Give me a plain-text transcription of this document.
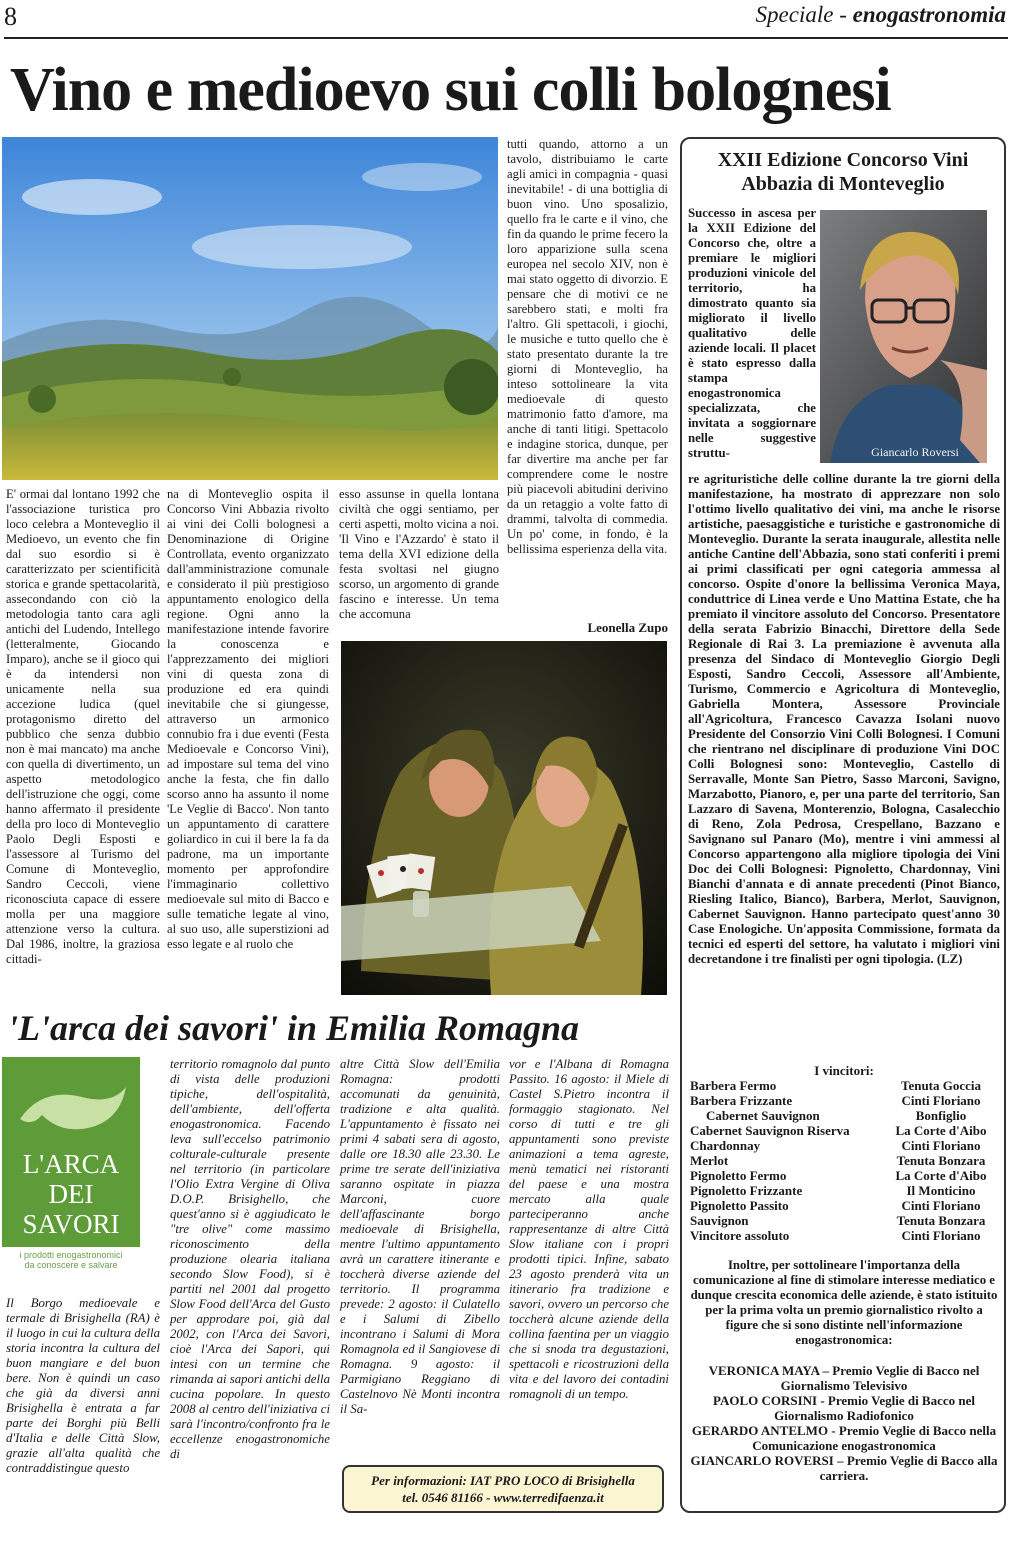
8	Speciale - enogastronomia
Vino e medioevo sui colli bolognesi

tutti quando, attorno a un tavolo, distribuiamo le carte agli amici in compagnia - quasi inevitabile! - di una bottiglia di buon vino. Uno sposalizio, quello fra le carte e il vino, che fin da quando le prime fecero la loro apparizione sulla scena europea nel secolo XIV, non è mai stato oggetto di divorzio. E pensare che di motivi ce ne sarebbero stati, e molti fra l'altro. Gli spettacoli, i giochi, le musiche e tutto quello che è stato presentato durante la tre giorni di Monteveglio, ha inteso sottolineare la vita medioevale di questo matrimonio fatto d'amore, ma anche di tanti litigi. Spettacolo e indagine storica, dunque, per far divertire ma anche per far comprendere come le nostre più piacevoli abitudini derivino da un retaggio a volte fatto di drammi, talvolta di commedia. Un po' come, in fondo, è la bellissima esperienza della vita.

E' ormai dal lontano 1992 che l'associazione turistica pro loco celebra a Monteveglio il Medioevo, un evento che fin dal suo esordio si è caratterizzato per scientificità storica e grande spettacolarità, assecondando con ciò la metodologia tanto cara agli antichi del Ludendo, Intellego (letteralmente, Giocando Imparo), anche se il gioco qui è da intendersi non unicamente nella sua accezione ludica (quel protagonismo diretto del pubblico che senza dubbio non è mai mancato) ma anche con quella di divertimento, un aspetto metodologico dell'istruzione che oggi, come hanno affermato il presidente della pro loco di Monteveglio Paolo Degli Esposti e l'assessore al Turismo del Comune di Monteveglio, Sandro Ceccoli, viene riconosciuta capace di essere molla per una maggiore attenzione verso la cultura. Dal 1986, inoltre, la graziosa cittadi-

na di Monteveglio ospita il Concorso Vini Abbazia rivolto ai vini dei Colli bolognesi a Denominazione di Origine Controllata, evento organizzato dall'amministrazione comunale e considerato il più prestigioso appuntamento enologico della regione. Ogni anno la manifestazione intende favorire la conoscenza e l'apprezzamento dei migliori vini di questa zona di produzione ed era quindi inevitabile che si giungesse, attraverso un armonico connubio fra i due eventi (Festa Medioevale e Concorso Vini), ad impostare sul tema del vino anche la festa, che fin dallo scorso anno ha assunto il nome 'Le Veglie di Bacco'. Non tanto un appuntamento di carattere goliardico in cui il bere la fa da padrone, ma un importante momento per approfondire l'immaginario collettivo medioevale sul mito di Bacco e sulle tematiche legate al vino, al suo uso, alle superstizioni ad esso legate e al ruolo che

esso assunse in quella lontana civiltà che oggi sentiamo, per certi aspetti, molto vicina a noi. 'Il Vino e l'Azzardo' è stato il tema della XVI edizione della festa svoltasi nel giugno scorso, un argomento di grande fascino e interesse. Un tema che accomuna

Leonella Zupo
XXII Edizione Concorso Vini Abbazia di Monteveglio

Successo in ascesa per la XXII Edizione del Concorso che, oltre a premiare le migliori produzioni vinicole del territorio, ha dimostrato quanto sia migliorato il livello qualitativo delle aziende locali. Il placet è stato espresso dalla stampa enogastronomica specializzata, che invitata a soggiornare nelle suggestive struttu-	Giancarlo Roversi

re agrituristiche delle colline durante la tre giorni della manifestazione, ha mostrato di apprezzare non solo l'ottimo livello qualitativo dei vini, ma anche le risorse artistiche, paesaggistiche e turistiche e gastronomiche di Monteveglio. Durante la serata inaugurale, allestita nelle antiche Cantine dell'Abbazia, sono stati conferiti i premi ai primi classificati per ogni categoria ammessa al concorso. Ospite d'onore la bellissima Veronica Maya, conduttrice di Linea verde e Uno Mattina Estate, che ha premiato il vincitore assoluto del Concorso. Presentatore della serata Fabrizio Binacchi, Direttore della Sede Regionale di Rai 3. La premiazione è avvenuta alla presenza del Sindaco di Monteveglio Giorgio Degli Esposti, Sandro Ceccoli, Assessore all'Ambiente, Turismo, Commercio e Agricoltura di Monteveglio, Gabriella Montera, Assessore Provinciale all'Agricoltura, Francesco Cavazza Isolani nuovo Presidente del Consorzio Vini Colli Bolognesi. I Comuni che rientrano nel disciplinare di produzione Vini DOC Colli Bolognesi sono: Monteveglio, Castello di Serravalle, Monte San Pietro, Sasso Marconi, Savigno, Marzabotto, Pianoro, e, per una parte del territorio, San Lazzaro di Savena, Monterenzio, Bologna, Casalecchio di Reno, Zola Pedrosa, Crespellano, Bazzano e Savignano sul Panaro (Mo), mentre i vini ammessi al Concorso appartengono alla migliore tipologia dei Vini Doc dei Colli Bolognesi: Pignoletto, Chardonnay, Vini Bianchi d'annata e di annate precedenti (Pinot Bianco, Riesling Italico, Bianco), Barbera, Merlot, Sauvignon, Cabernet Sauvignon. Hanno partecipato quest'anno 30 Case Enologiche. Un'apposita Commissione, formata da tecnici ed esperti del settore, ha valutato i migliori vini decretandone i tre finalisti per ogni tipologia. (LZ)

I vincitori:
Barbera Fermo	Tenuta Goccia
Barbera Frizzante	Cinti Floriano
Cabernet Sauvignon	Bonfiglio
Cabernet Sauvignon Riserva	La Corte d'Aibo
Chardonnay	Cinti Floriano
Merlot	Tenuta Bonzara
Pignoletto Fermo	La Corte d'Aibo
Pignoletto Frizzante	Il Monticino
Pignoletto Passito	Cinti Floriano
Sauvignon	Tenuta Bonzara
Vincitore assoluto	Cinti Floriano

Inoltre, per sottolineare l'importanza della comunicazione al fine di stimolare interesse mediatico e dunque crescita economica delle aziende, è stato istituito per la prima volta un premio giornalistico rivolto a figure che si sono distinte nell'informazione enogastronomica:

VERONICA MAYA – Premio Veglie di Bacco nel Giornalismo Televisivo
PAOLO CORSINI - Premio Veglie di Bacco nel Giornalismo Radiofonico
GERARDO ANTELMO - Premio Veglie di Bacco nella Comunicazione enogastronomica
GIANCARLO ROVERSI – Premio Veglie di Bacco alla carriera.
'L'arca dei savori' in Emilia Romagna
L'ARCA
DEI
SAVORI
i prodotti enogastronomici
da conoscere e salvare

Il Borgo medioevale e termale di Brisighella (RA) è il luogo in cui la cultura della storia incontra la cultura del buon mangiare e del buon bere. Non è quindi un caso che già da diversi anni Brisighella è entrata a far parte dei Borghi più Belli d'Italia e delle Città Slow, grazie all'alta qualità che contraddistingue questo

territorio romagnolo dal punto di vista delle produzioni tipiche, dell'ospitalità, dell'ambiente, dell'offerta enogastronomica. Facendo leva sull'eccelso patrimonio colturale-culturale presente nel territorio (in particolare l'Olio Extra Vergine di Oliva D.O.P. Brisighello, che quest'anno si è aggiudicato le "tre olive" come massimo riconoscimento della produzione olearia italiana secondo Slow Food), si è partiti nel 2001 dal progetto Slow Food dell'Arca del Gusto per approdare poi, già dal 2002, con l'Arca dei Savori, cioè l'Arca dei Sapori, qui intesi con un termine che rimanda ai sapori antichi della cucina popolare. In questo 2008 al centro dell'iniziativa ci sarà l'incontro/confronto fra le eccellenze enogastronomiche di

altre Città Slow dell'Emilia Romagna: prodotti accomunati da genuinità, tradizione e alta qualità. L'appuntamento è fissato nei primi 4 sabati sera di agosto, dalle ore 18.30 alle 23.30. Le prime tre serate dell'iniziativa saranno ospitate in piazza Marconi, cuore dell'affascinante borgo medioevale di Brisighella, mentre l'ultimo appuntamento avrà un carattere itinerante e toccherà diverse aziende del territorio. Il programma prevede: 2 agosto: il Culatello e i Salumi di Zibello incontrano i Salumi di Mora Romagnola ed il Sangiovese di Romagna. 9 agosto: il Parmigiano Reggiano di Castelnovo Nè Monti incontra il Sa-

vor e l'Albana di Romagna Passito. 16 agosto: il Miele di Castel S.Pietro incontra il formaggio stagionato. Nel corso di tutti e tre gli appuntamenti sono previste animazioni a tema agreste, menù tematici nei ristoranti del paese e una mostra mercato alla quale parteciperanno anche rappresentanze di altre Città Slow italiane con i propri prodotti tipici. Infine, sabato 23 agosto prenderà vita un itinerario fra tradizione e savori, ovvero un percorso che toccherà alcune aziende della collina faentina per un viaggio che si snoda tra degustazioni, spettacoli e ricostruzioni della vita e del lavoro dei contadini romagnoli di un tempo.

Per informazioni: IAT PRO LOCO di Brisighella
tel. 0546 81166 - www.terredifaenza.it
